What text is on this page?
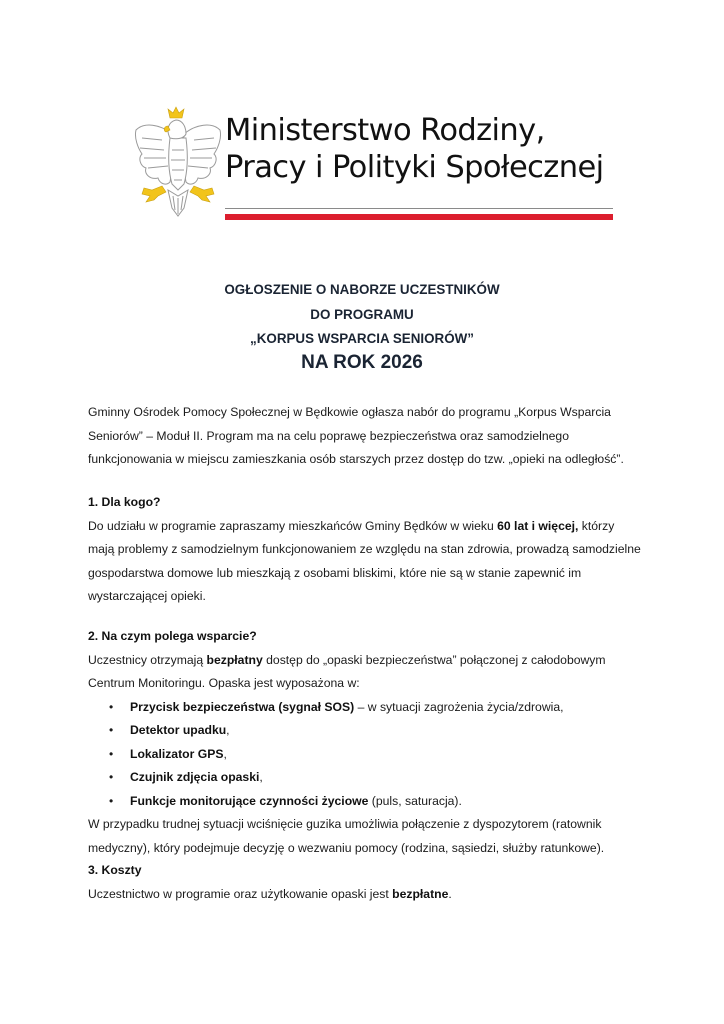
Ministerstwo Rodziny,
Pracy i Polityki Społecznej
OGŁOSZENIE O NABORZE UCZESTNIKÓW
DO PROGRAMU
„KORPUS WSPARCIA SENIORÓW”
NA ROK 2026
Gminny Ośrodek Pomocy Społecznej w Będkowie ogłasza nabór do programu „Korpus Wsparcia
Seniorów” – Moduł II. Program ma na celu poprawę bezpieczeństwa oraz samodzielnego
funkcjonowania w miejscu zamieszkania osób starszych przez dostęp do tzw. „opieki na odległość”.
1. Dla kogo?
Do udziału w programie zapraszamy mieszkańców Gminy Będków w wieku 60 lat i więcej, którzy
mają problemy z samodzielnym funkcjonowaniem ze względu na stan zdrowia, prowadzą samodzielne
gospodarstwa domowe lub mieszkają z osobami bliskimi, które nie są w stanie zapewnić im
wystarczającej opieki.
2. Na czym polega wsparcie?
Uczestnicy otrzymają bezpłatny dostęp do „opaski bezpieczeństwa” połączonej z całodobowym
Centrum Monitoringu. Opaska jest wyposażona w:
• Przycisk bezpieczeństwa (sygnał SOS) – w sytuacji zagrożenia życia/zdrowia,
• Detektor upadku,
• Lokalizator GPS,
• Czujnik zdjęcia opaski,
• Funkcje monitorujące czynności życiowe (puls, saturacja).
W przypadku trudnej sytuacji wciśnięcie guzika umożliwia połączenie z dyspozytorem (ratownik
medyczny), który podejmuje decyzję o wezwaniu pomocy (rodzina, sąsiedzi, służby ratunkowe).
3. Koszty
Uczestnictwo w programie oraz użytkowanie opaski jest bezpłatne.
